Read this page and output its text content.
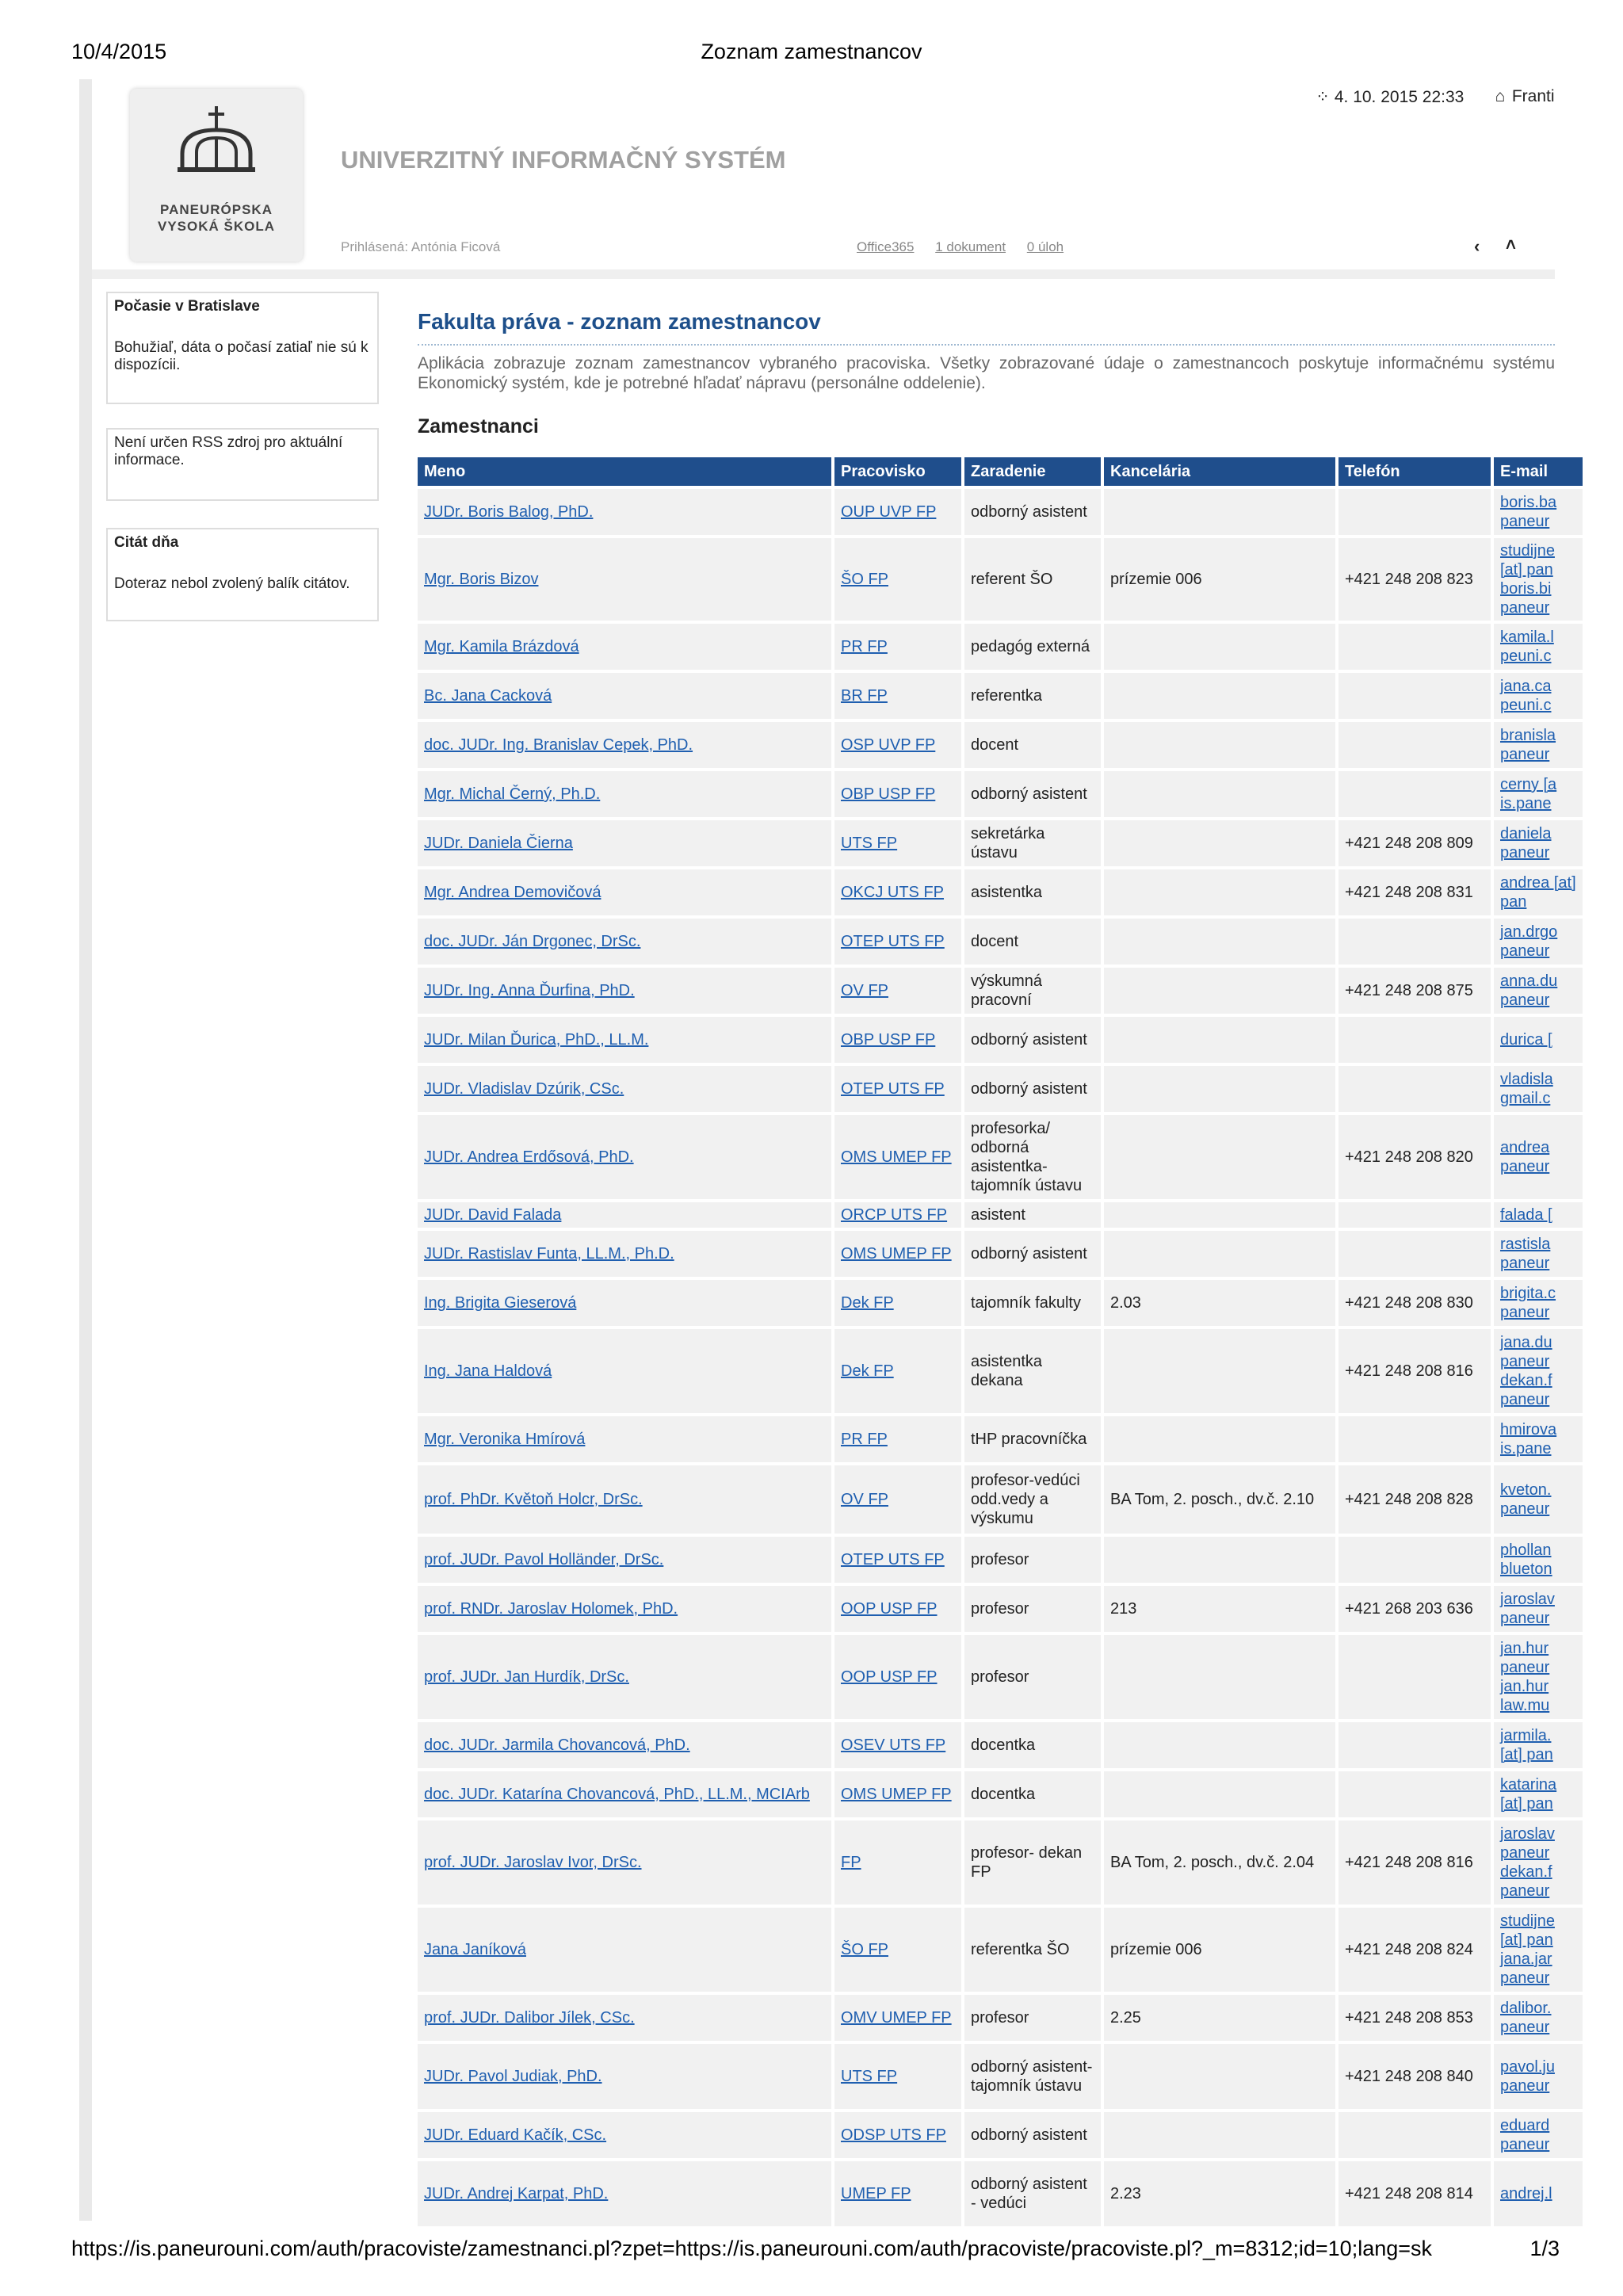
10/4/2015	Zoznam zamestnancov
PANEURÓPSKA
VYSOKÁ ŠKOLA
UNIVERZITNÝ INFORMAČNÝ SYSTÉM
Prihlásená: Antónia Ficová	Office365 1 dokument 0 úloh
⁘ 4. 10. 2015 22:33 ⌂ Franti
‹ ˄
Počasie v Bratislave
Bohužiaľ, dáta o počasí zatiaľ nie sú k dispozícii.
Není určen RSS zdroj pro aktuální informace.
Citát dňa
Doteraz nebol zvolený balík citátov.
Fakulta práva - zoznam zamestnancov
Aplikácia zobrazuje zoznam zamestnancov vybraného pracoviska. Všetky zobrazované údaje o zamestnancoch poskytuje informačnému systému Ekonomický systém, kde je potrebné hľadať nápravu (personálne oddelenie).
Zamestnanci
Meno	Pracovisko	Zaradenie	Kancelária	Telefón	E-mail
JUDr. Boris Balog, PhD.	OUP UVP FP	odborný asistent			boris.ba paneur
Mgr. Boris Bizov	ŠO FP	referent ŠO	prízemie 006	+421 248 208 823	studijne [at] pan boris.bi paneur
Mgr. Kamila Brázdová	PR FP	pedagóg externá			kamila.l peuni.c
Bc. Jana Cacková	BR FP	referentka			jana.ca peuni.c
doc. JUDr. Ing. Branislav Cepek, PhD.	OSP UVP FP	docent			branisla paneur
Mgr. Michal Černý, Ph.D.	OBP USP FP	odborný asistent			cerny [a is.pane
JUDr. Daniela Čierna	UTS FP	sekretárka ústavu		+421 248 208 809	daniela paneur
Mgr. Andrea Demovičová	OKCJ UTS FP	asistentka		+421 248 208 831	andrea [at] pan
doc. JUDr. Ján Drgonec, DrSc.	OTEP UTS FP	docent			jan.drgo paneur
JUDr. Ing. Anna Ďurfina, PhD.	OV FP	výskumná pracovní		+421 248 208 875	anna.du paneur
JUDr. Milan Ďurica, PhD., LL.M.	OBP USP FP	odborný asistent			durica [
JUDr. Vladislav Dzúrik, CSc.	OTEP UTS FP	odborný asistent			vladisla gmail.c
JUDr. Andrea Erdősová, PhD.	OMS UMEP FP	profesorka/ odborná asistentka- tajomník ústavu		+421 248 208 820	andrea paneur
JUDr. David Falada	ORCP UTS FP	asistent			falada [
JUDr. Rastislav Funta, LL.M., Ph.D.	OMS UMEP FP	odborný asistent			rastisla paneur
Ing. Brigita Gieserová	Dek FP	tajomník fakulty	2.03	+421 248 208 830	brigita.c paneur
Ing. Jana Haldová	Dek FP	asistentka dekana		+421 248 208 816	jana.du paneur dekan.f paneur
Mgr. Veronika Hmírová	PR FP	tHP pracovníčka			hmirova is.pane
prof. PhDr. Květoň Holcr, DrSc.	OV FP	profesor-vedúci odd.vedy a výskumu	BA Tom, 2. posch., dv.č. 2.10	+421 248 208 828	kveton. paneur
prof. JUDr. Pavol Holländer, DrSc.	OTEP UTS FP	profesor			phollan blueton
prof. RNDr. Jaroslav Holomek, PhD.	OOP USP FP	profesor	213	+421 268 203 636	jaroslav paneur
prof. JUDr. Jan Hurdík, DrSc.	OOP USP FP	profesor			jan.hur paneur jan.hur law.mu
doc. JUDr. Jarmila Chovancová, PhD.	OSEV UTS FP	docentka			jarmila. [at] pan
doc. JUDr. Katarína Chovancová, PhD., LL.M., MCIArb	OMS UMEP FP	docentka			katarina [at] pan
prof. JUDr. Jaroslav Ivor, DrSc.	FP	profesor- dekan FP	BA Tom, 2. posch., dv.č. 2.04	+421 248 208 816	jaroslav paneur dekan.f paneur
Jana Janíková	ŠO FP	referentka ŠO	prízemie 006	+421 248 208 824	studijne [at] pan jana.jar paneur
prof. JUDr. Dalibor Jílek, CSc.	OMV UMEP FP	profesor	2.25	+421 248 208 853	dalibor. paneur
JUDr. Pavol Judiak, PhD.	UTS FP	odborný asistent- tajomník ústavu		+421 248 208 840	pavol.ju paneur
JUDr. Eduard Kačík, CSc.	ODSP UTS FP	odborný asistent			eduard paneur
JUDr. Andrej Karpat, PhD.	UMEP FP	odborný asistent - vedúci	2.23	+421 248 208 814	andrej.l
https://is.paneurouni.com/auth/pracoviste/zamestnanci.pl?zpet=https://is.paneurouni.com/auth/pracoviste/pracoviste.pl?_m=8312;id=10;lang=sk	1/3
